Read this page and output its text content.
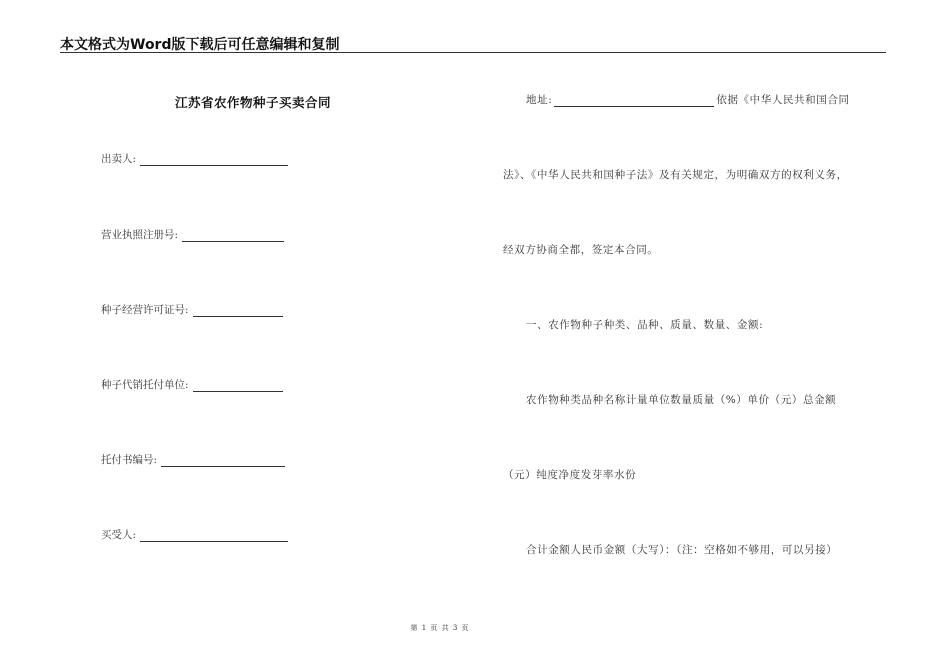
本文格式为Word版下载后可任意编辑和复制
江苏省农作物种子买卖合同
出卖人:
营业执照注册号:
种子经营许可证号:
种子代销托付单位:
托付书编号:
买受人:
地址:	依据《中华人民共和国合同
法》、《中华人民共和国种子法》及有关规定，为明确双方的权利义务，
经双方协商全都，签定本合同。
一、农作物种子种类、品种、质量、数量、金额:
农作物种类品种名称计量单位数量质量（%）单价（元）总金额
（元）纯度净度发芽率水份
合计金额人民币金额（大写）：（注：空格如不够用，可以另接）
第 1 页 共 3 页
